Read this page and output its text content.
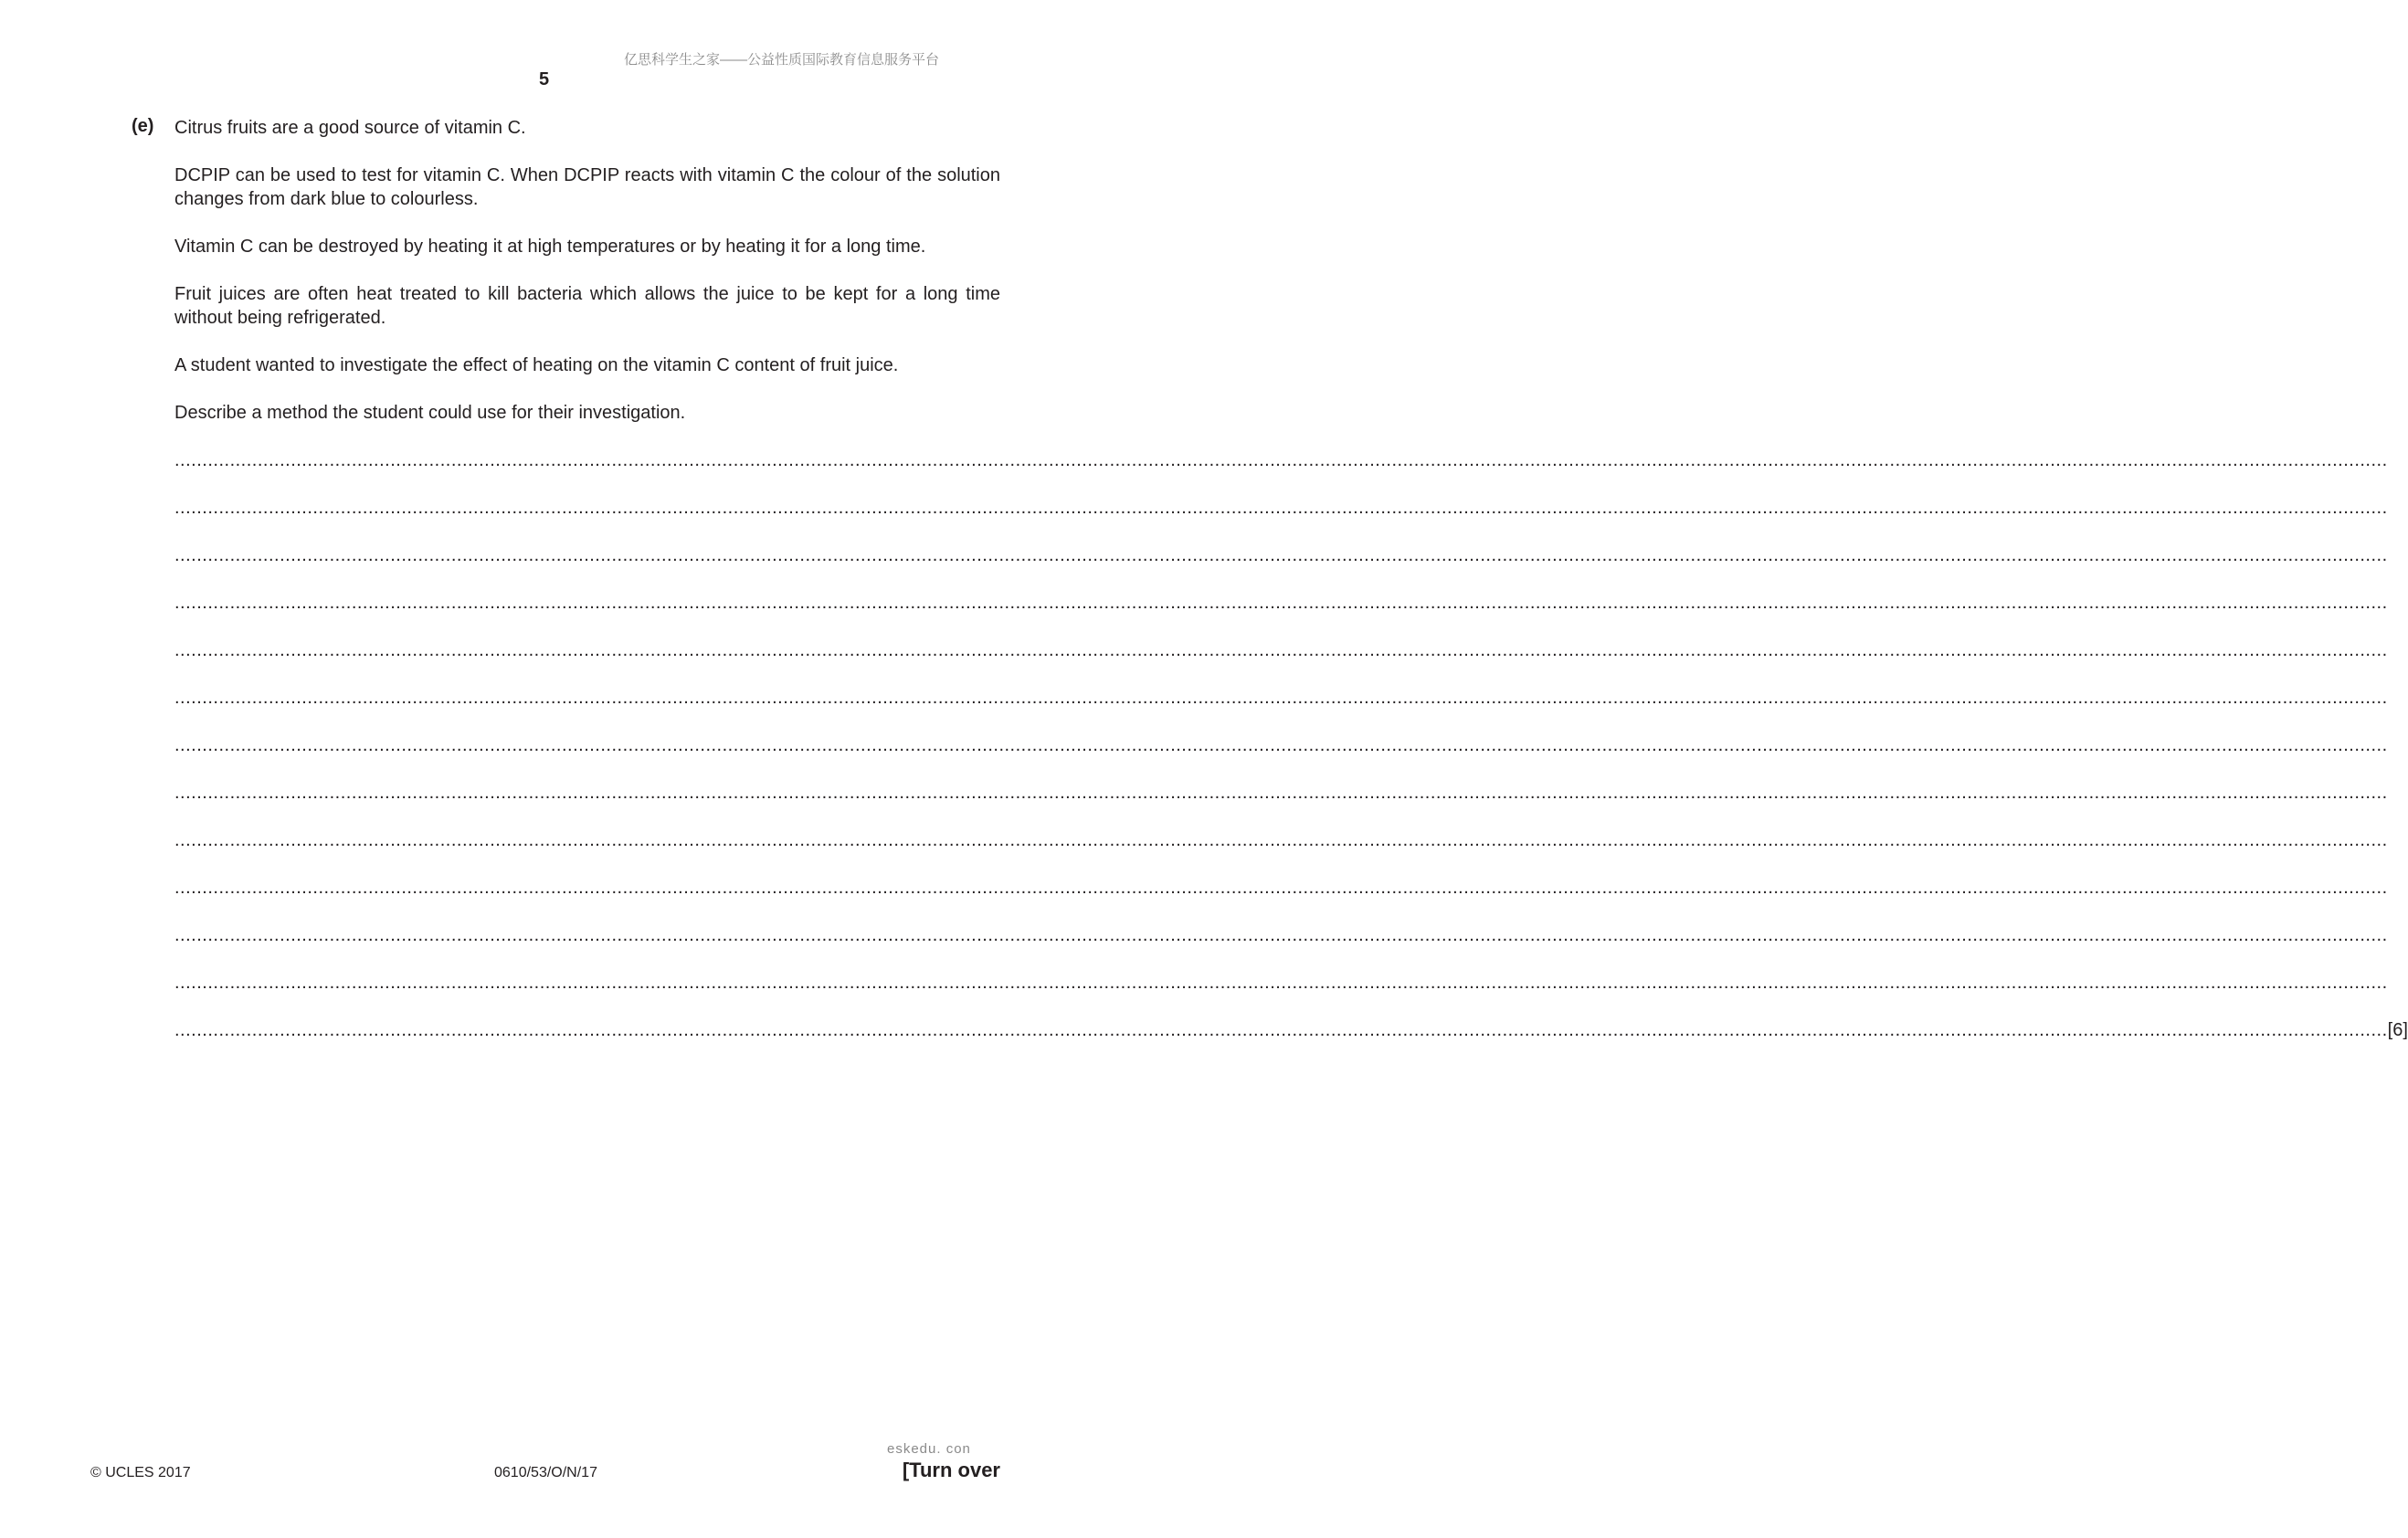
亿思科学生之家——公益性质国际教育信息服务平台
5
(e) Citrus fruits are a good source of vitamin C.

DCPIP can be used to test for vitamin C. When DCPIP reacts with vitamin C the colour of the solution changes from dark blue to colourless.

Vitamin C can be destroyed by heating it at high temperatures or by heating it for a long time.

Fruit juices are often heat treated to kill bacteria which allows the juice to be kept for a long time without being refrigerated.

A student wanted to investigate the effect of heating on the vitamin C content of fruit juice.

Describe a method the student could use for their investigation.

................................................................................................................................................................................................................................................................................................................................................................................................................
................................................................................................................................................................................................................................................................................................................................................................................................................
................................................................................................................................................................................................................................................................................................................................................................................................................
................................................................................................................................................................................................................................................................................................................................................................................................................
................................................................................................................................................................................................................................................................................................................................................................................................................
................................................................................................................................................................................................................................................................................................................................................................................................................
................................................................................................................................................................................................................................................................................................................................................................................................................
................................................................................................................................................................................................................................................................................................................................................................................................................
................................................................................................................................................................................................................................................................................................................................................................................................................
................................................................................................................................................................................................................................................................................................................................................................................................................
................................................................................................................................................................................................................................................................................................................................................................................................................
................................................................................................................................................................................................................................................................................................................................................................................................................
................................................................................................................................................................................................................................................................................................................................................................................................................ [6]
© UCLES 2017	0610/53/O/N/17
eskedu. con
[Turn over
